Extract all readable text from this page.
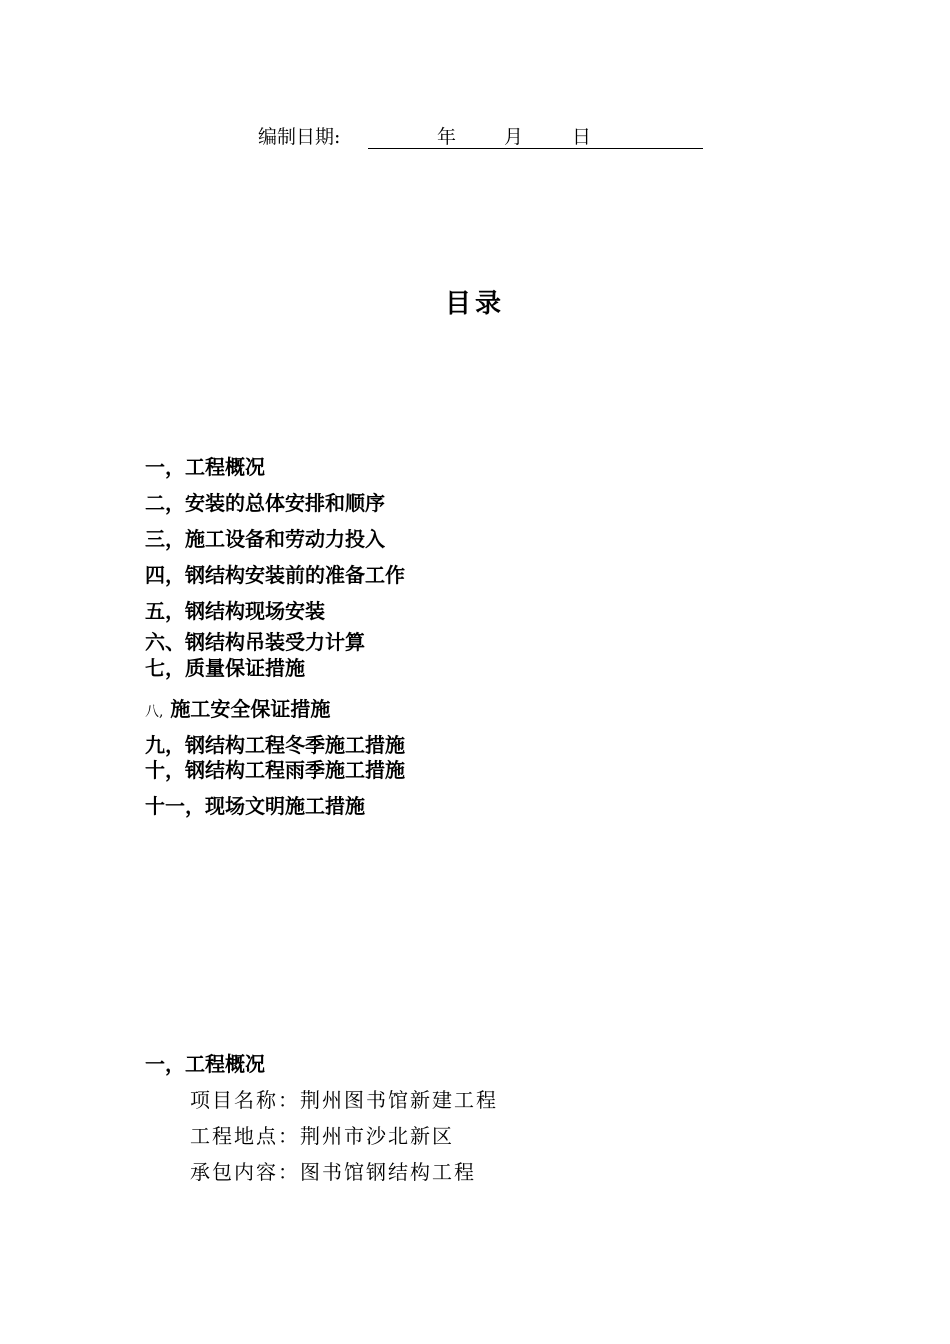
编制日期:	年	月	日
目录
一，工程概况
二，安装的总体安排和顺序
三，施工设备和劳动力投入
四，钢结构安装前的准备工作
五，钢结构现场安装
六、钢结构吊装受力计算
七，质量保证措施
八, 施工安全保证措施
九，钢结构工程冬季施工措施
十，钢结构工程雨季施工措施
十一，现场文明施工措施
一，工程概况
项目名称：荆州图书馆新建工程
工程地点：荆州市沙北新区
承包内容：图书馆钢结构工程
